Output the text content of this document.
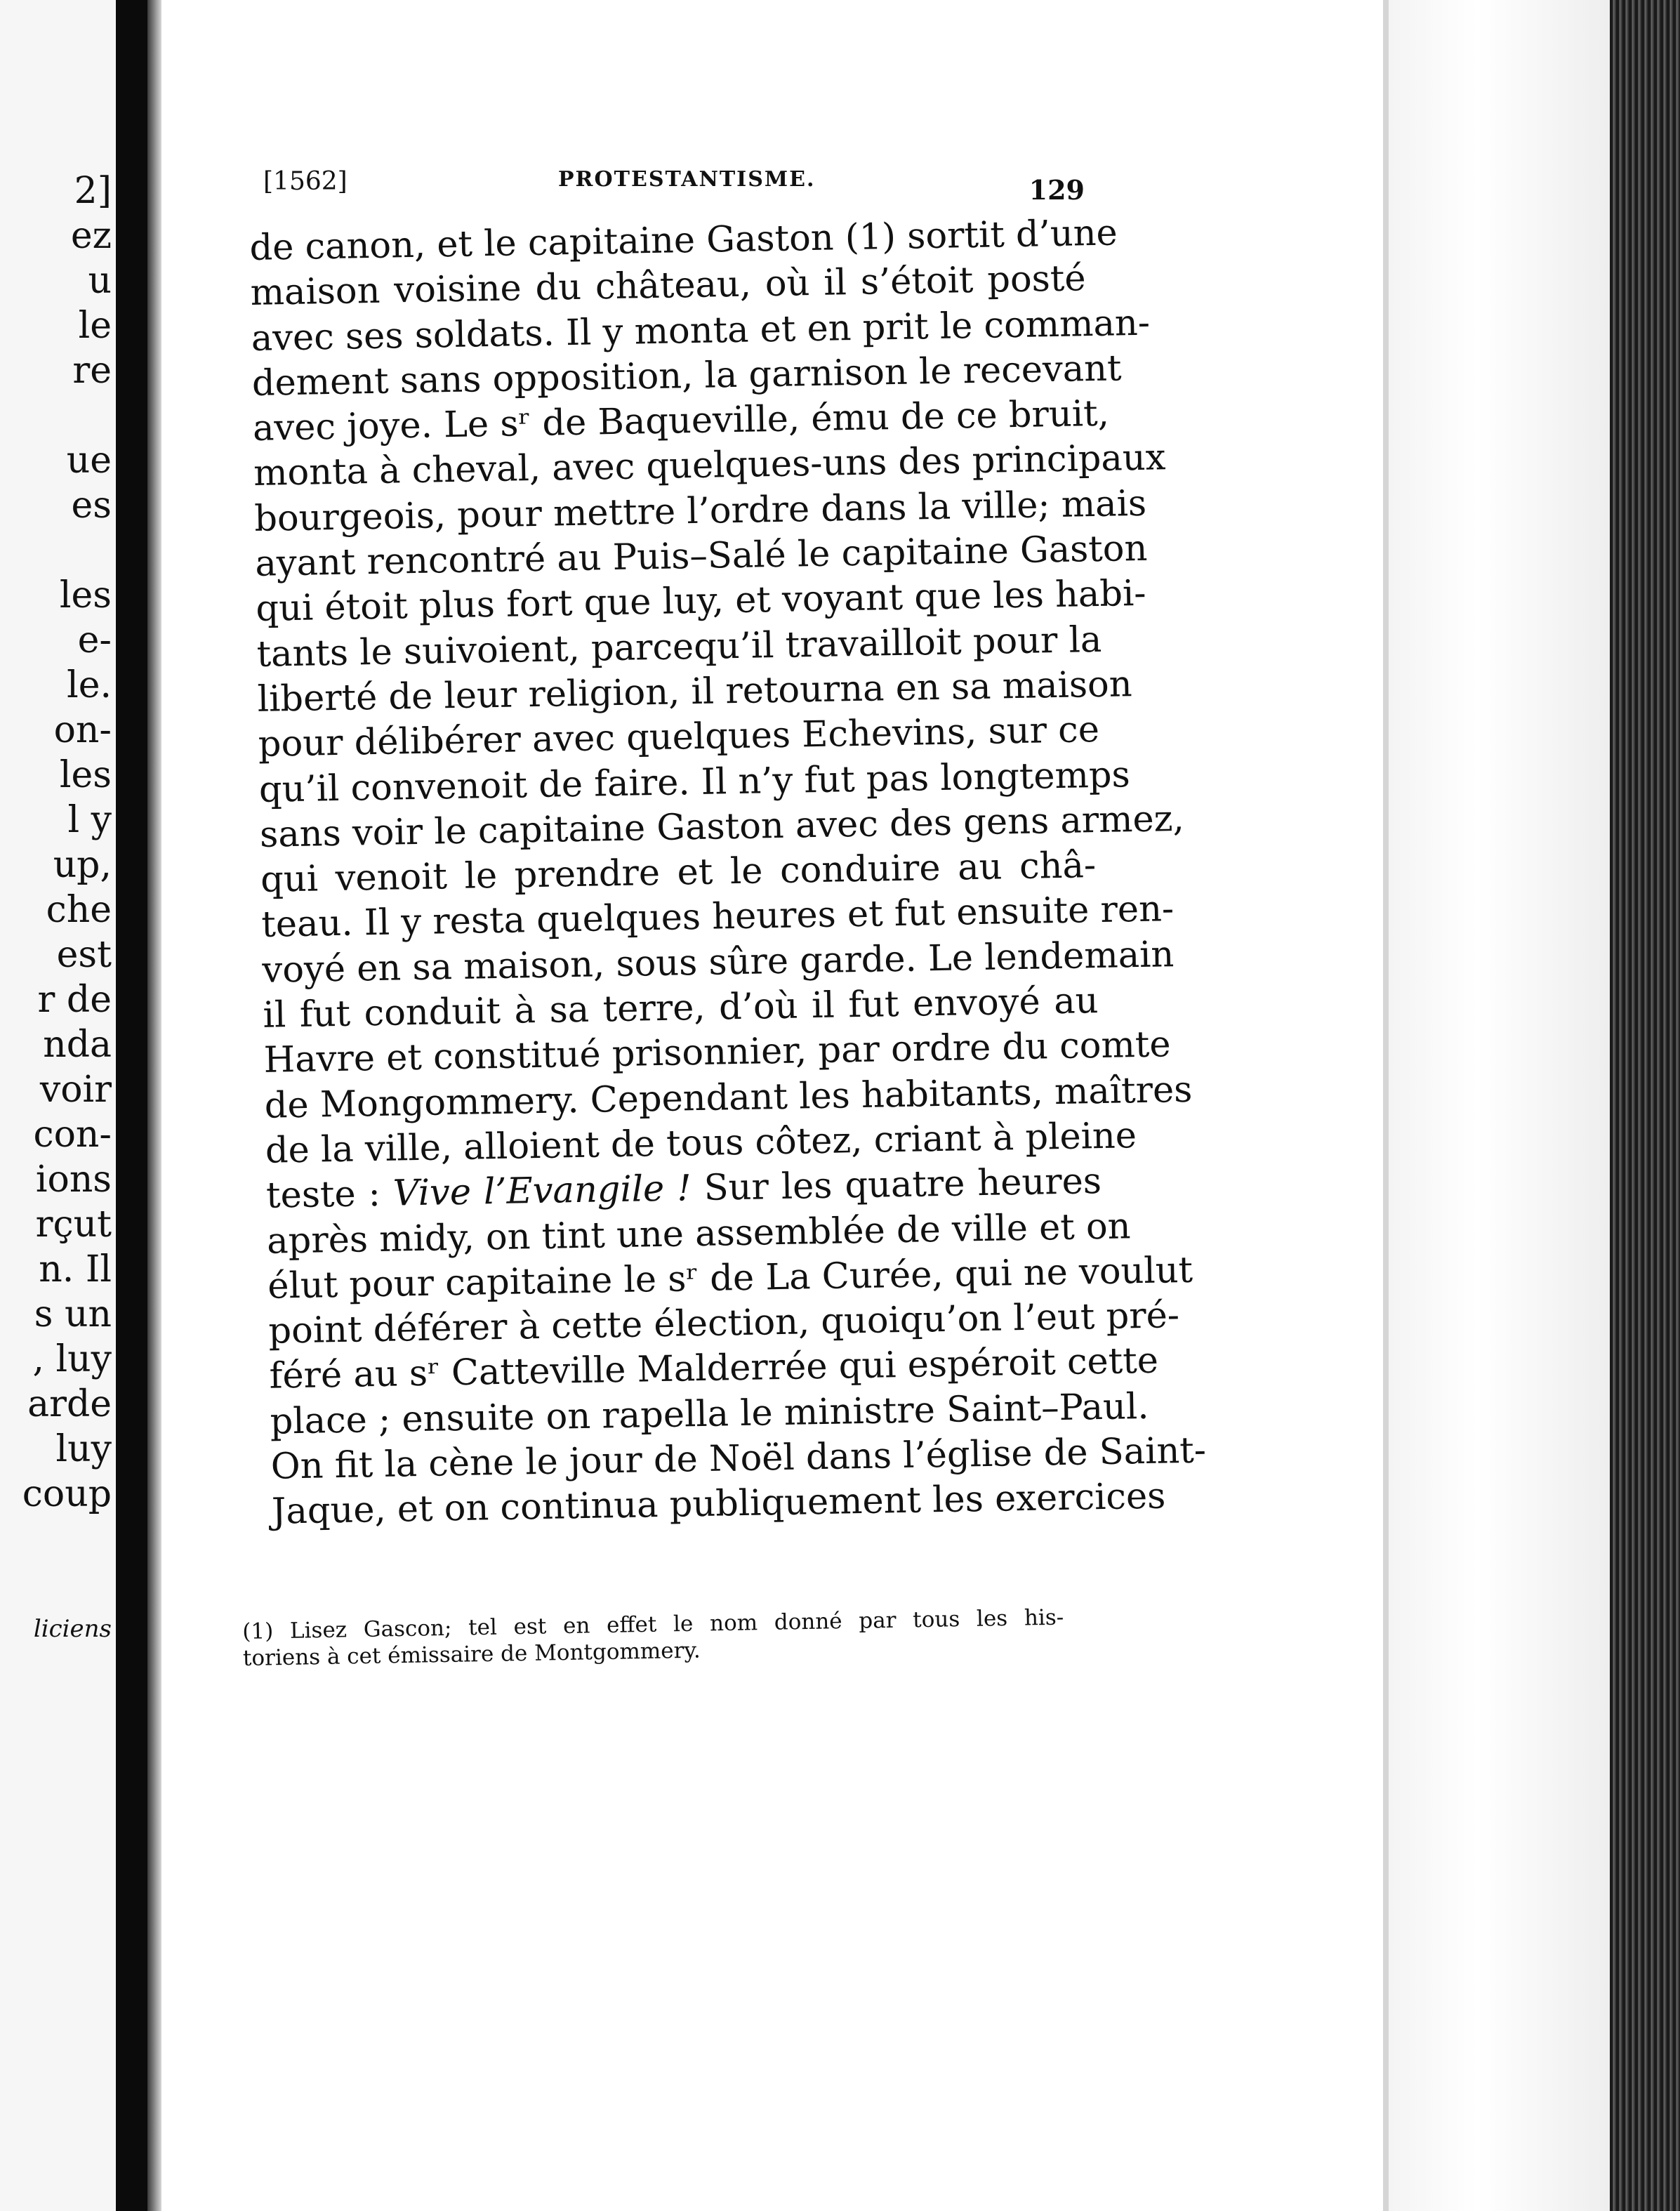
2]
ez
u
le
re
ue
es
les
e-
le.
on-
les
l y
up,
che
est
r de
nda
voir
con-
ions
rçut
n. Il
s un
, luy
arde
luy
coup
liciens
[1562]	PROTESTANTISME.	129
de canon, et le capitaine Gaston (1) sortit d’une
maison voisine du château, où il s’étoit posté
avec ses soldats. Il y monta et en prit le comman-
dement sans opposition, la garnison le recevant
avec joye. Le sʳ de Baqueville, ému de ce bruit,
monta à cheval, avec quelques-uns des principaux
bourgeois, pour mettre l’ordre dans la ville; mais
ayant rencontré au Puis–Salé le capitaine Gaston
qui étoit plus fort que luy, et voyant que les habi-
tants le suivoient, parcequ’il travailloit pour la
liberté de leur religion, il retourna en sa maison
pour délibérer avec quelques Echevins, sur ce
qu’il convenoit de faire. Il n’y fut pas longtemps
sans voir le capitaine Gaston avec des gens armez,
qui venoit le prendre et le conduire au châ-
teau. Il y resta quelques heures et fut ensuite ren-
voyé en sa maison, sous sûre garde. Le lendemain
il fut conduit à sa terre, d’où il fut envoyé au
Havre et constitué prisonnier, par ordre du comte
de Mongommery. Cependant les habitants, maîtres
de la ville, alloient de tous côtez, criant à pleine
teste : Vive l’Evangile ! Sur les quatre heures
après midy, on tint une assemblée de ville et on
élut pour capitaine le sʳ de La Curée, qui ne voulut
point déférer à cette élection, quoiqu’on l’eut pré-
féré au sʳ Catteville Malderrée qui espéroit cette
place ; ensuite on rapella le ministre Saint–Paul.
On fit la cène le jour de Noël dans l’église de Saint-
Jaque, et on continua publiquement les exercices
(1) Lisez Gascon; tel est en effet le nom donné par tous les his-
toriens à cet émissaire de Montgommery.
